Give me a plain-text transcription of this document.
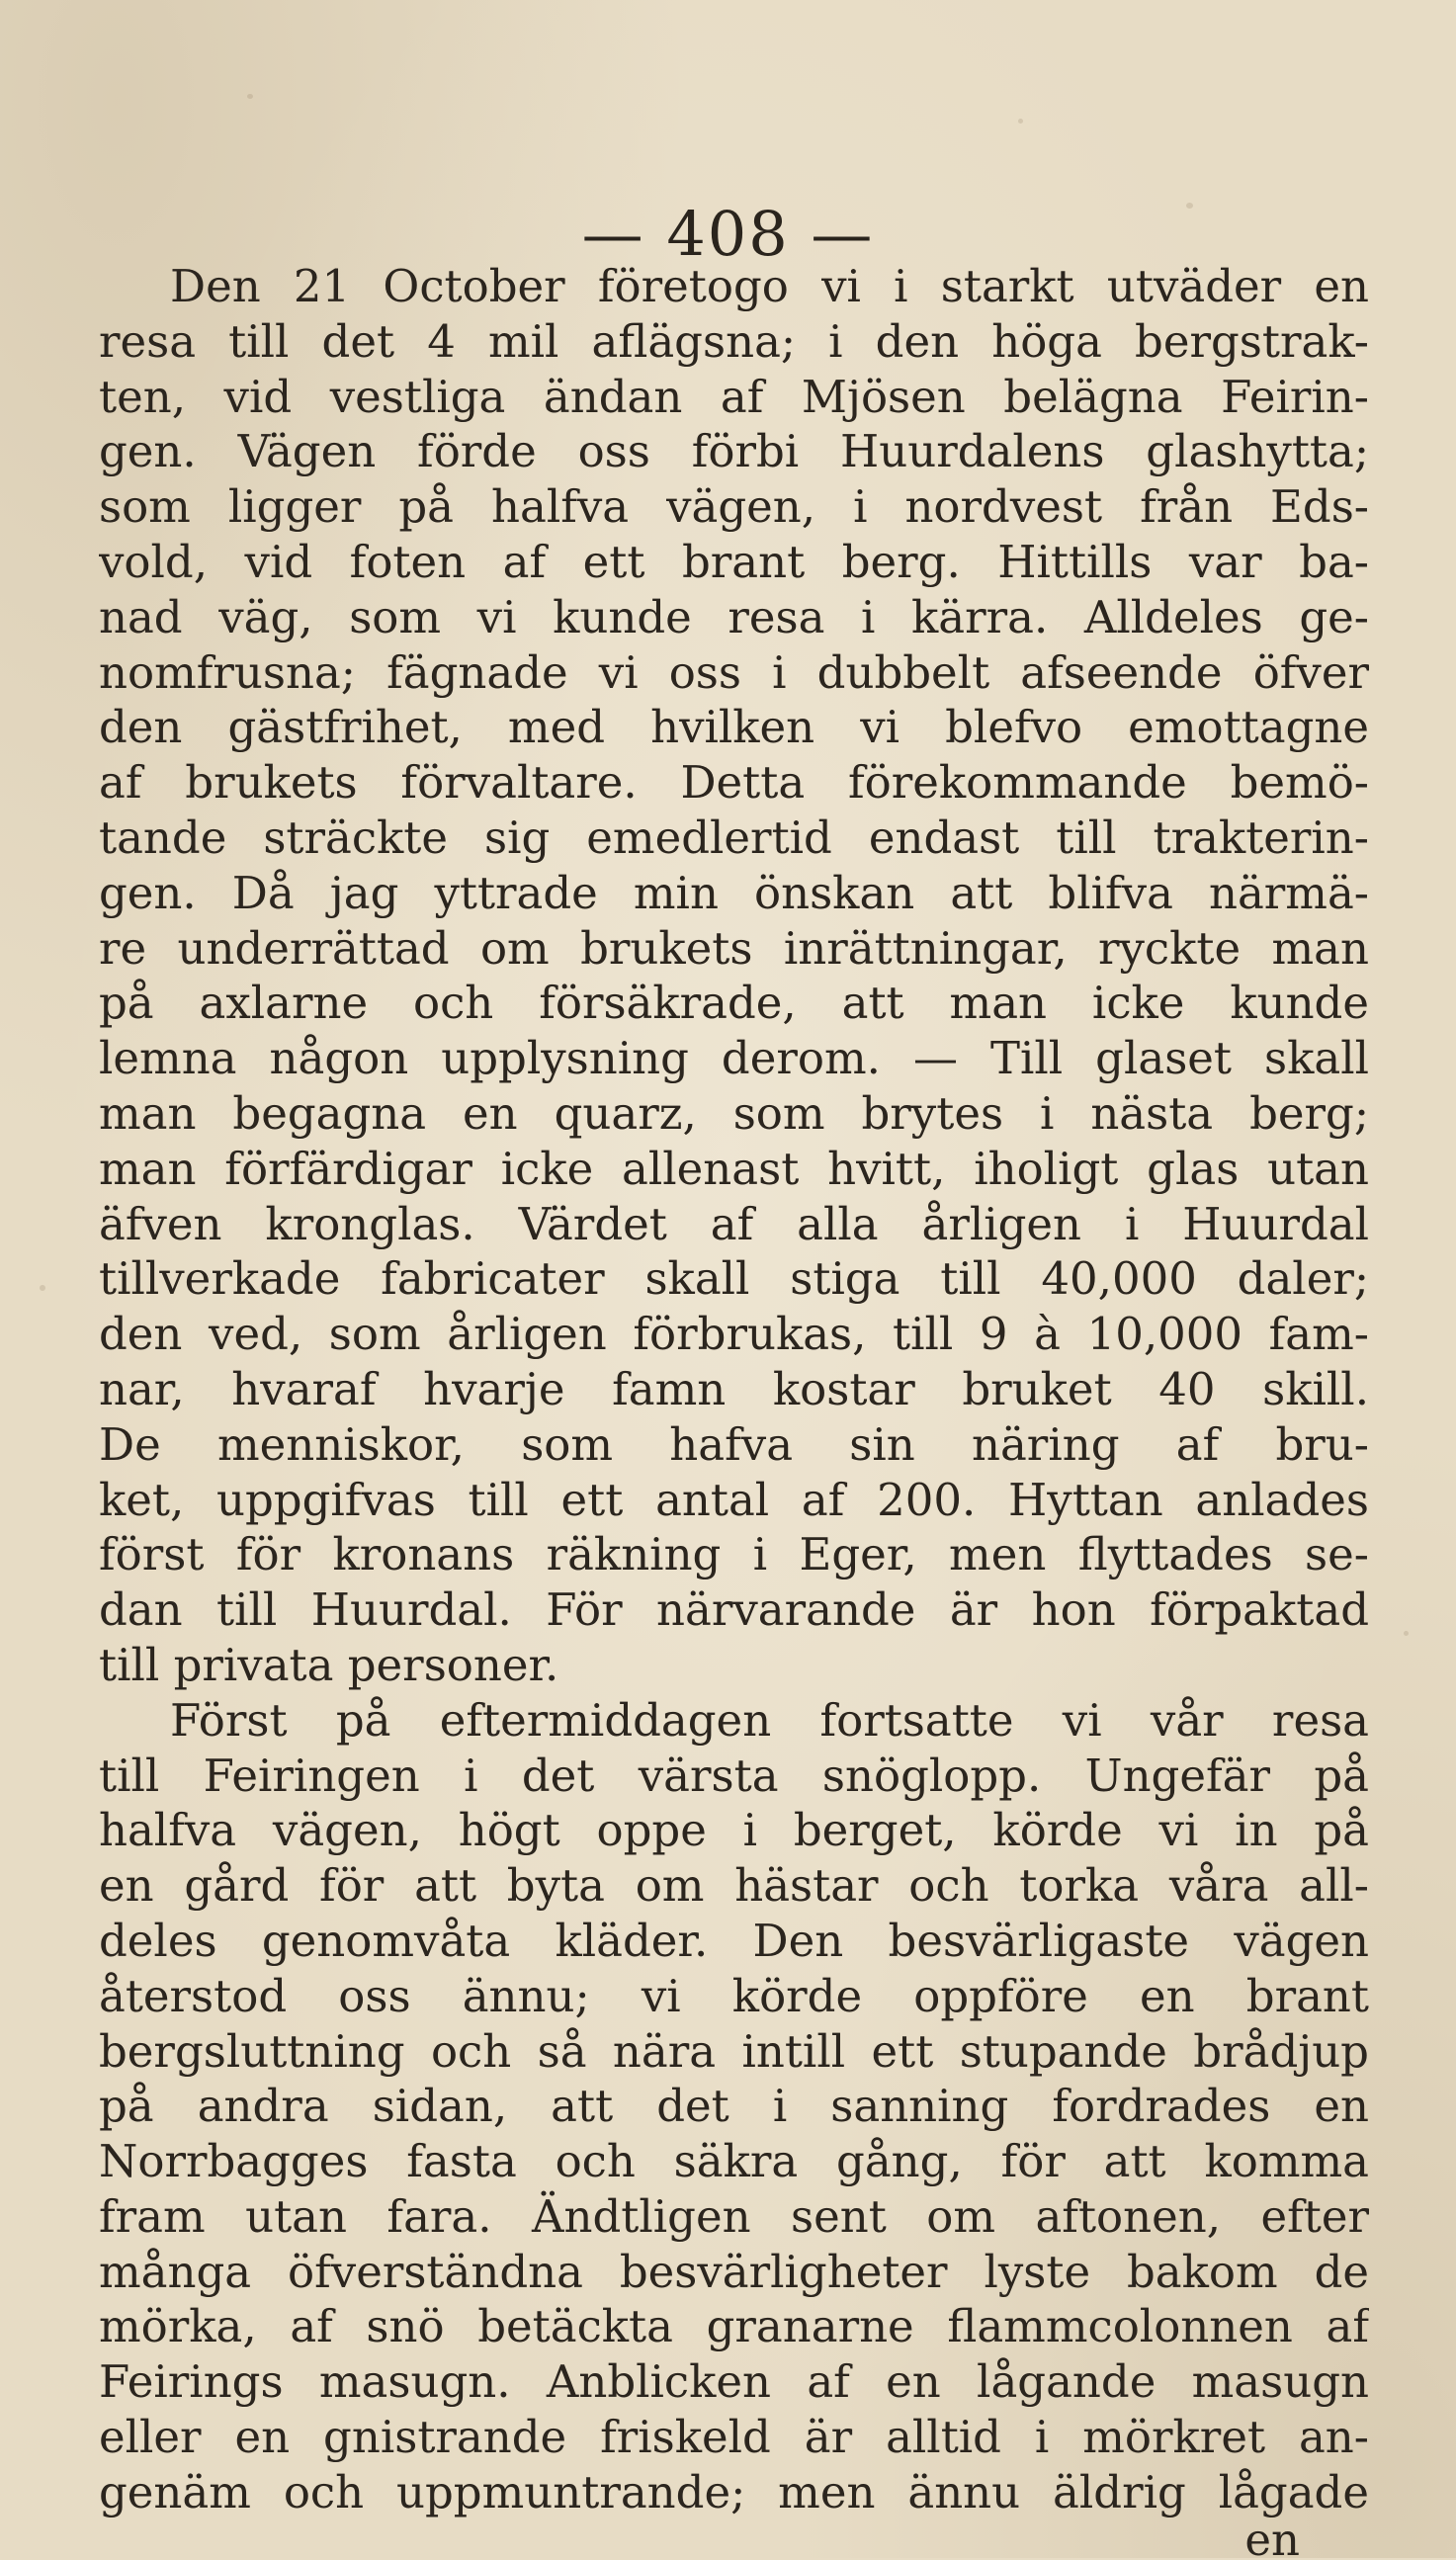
— 408 —
Den 21 October företogo vi i starkt utväder en
resa till det 4 mil aflägsna; i den höga bergstrak-
ten, vid vestliga ändan af Mjösen belägna Feirin-
gen. Vägen förde oss förbi Huurdalens glashytta;
som ligger på halfva vägen, i nordvest från Eds-
vold, vid foten af ett brant berg. Hittills var ba-
nad väg, som vi kunde resa i kärra. Alldeles ge-
nomfrusna; fägnade vi oss i dubbelt afseende öfver
den gästfrihet, med hvilken vi blefvo emottagne
af brukets förvaltare. Detta förekommande bemö-
tande sträckte sig emedlertid endast till trakterin-
gen. Då jag yttrade min önskan att blifva närmä-
re underrättad om brukets inrättningar, ryckte man
på axlarne och försäkrade, att man icke kunde
lemna någon upplysning derom. — Till glaset skall
man begagna en quarz, som brytes i nästa berg;
man förfärdigar icke allenast hvitt, iholigt glas utan
äfven kronglas. Värdet af alla årligen i Huurdal
tillverkade fabricater skall stiga till 40,000 daler;
den ved, som årligen förbrukas, till 9 à 10,000 fam-
nar, hvaraf hvarje famn kostar bruket 40 skill.
De menniskor, som hafva sin näring af bru-
ket, uppgifvas till ett antal af 200. Hyttan anlades
först för kronans räkning i Eger, men flyttades se-
dan till Huurdal. För närvarande är hon förpaktad
till privata personer.
Först på eftermiddagen fortsatte vi vår resa
till Feiringen i det värsta snöglopp. Ungefär på
halfva vägen, högt oppe i berget, körde vi in på
en gård för att byta om hästar och torka våra all-
deles genomvåta kläder. Den besvärligaste vägen
återstod oss ännu; vi körde oppföre en brant
bergsluttning och så nära intill ett stupande brådjup
på andra sidan, att det i sanning fordrades en
Norrbagges fasta och säkra gång, för att komma
fram utan fara. Ändtligen sent om aftonen, efter
många öfverständna besvärligheter lyste bakom de
mörka, af snö betäckta granarne flammcolonnen af
Feirings masugn. Anblicken af en lågande masugn
eller en gnistrande friskeld är alltid i mörkret an-
genäm och uppmuntrande; men ännu äldrig lågade
en
